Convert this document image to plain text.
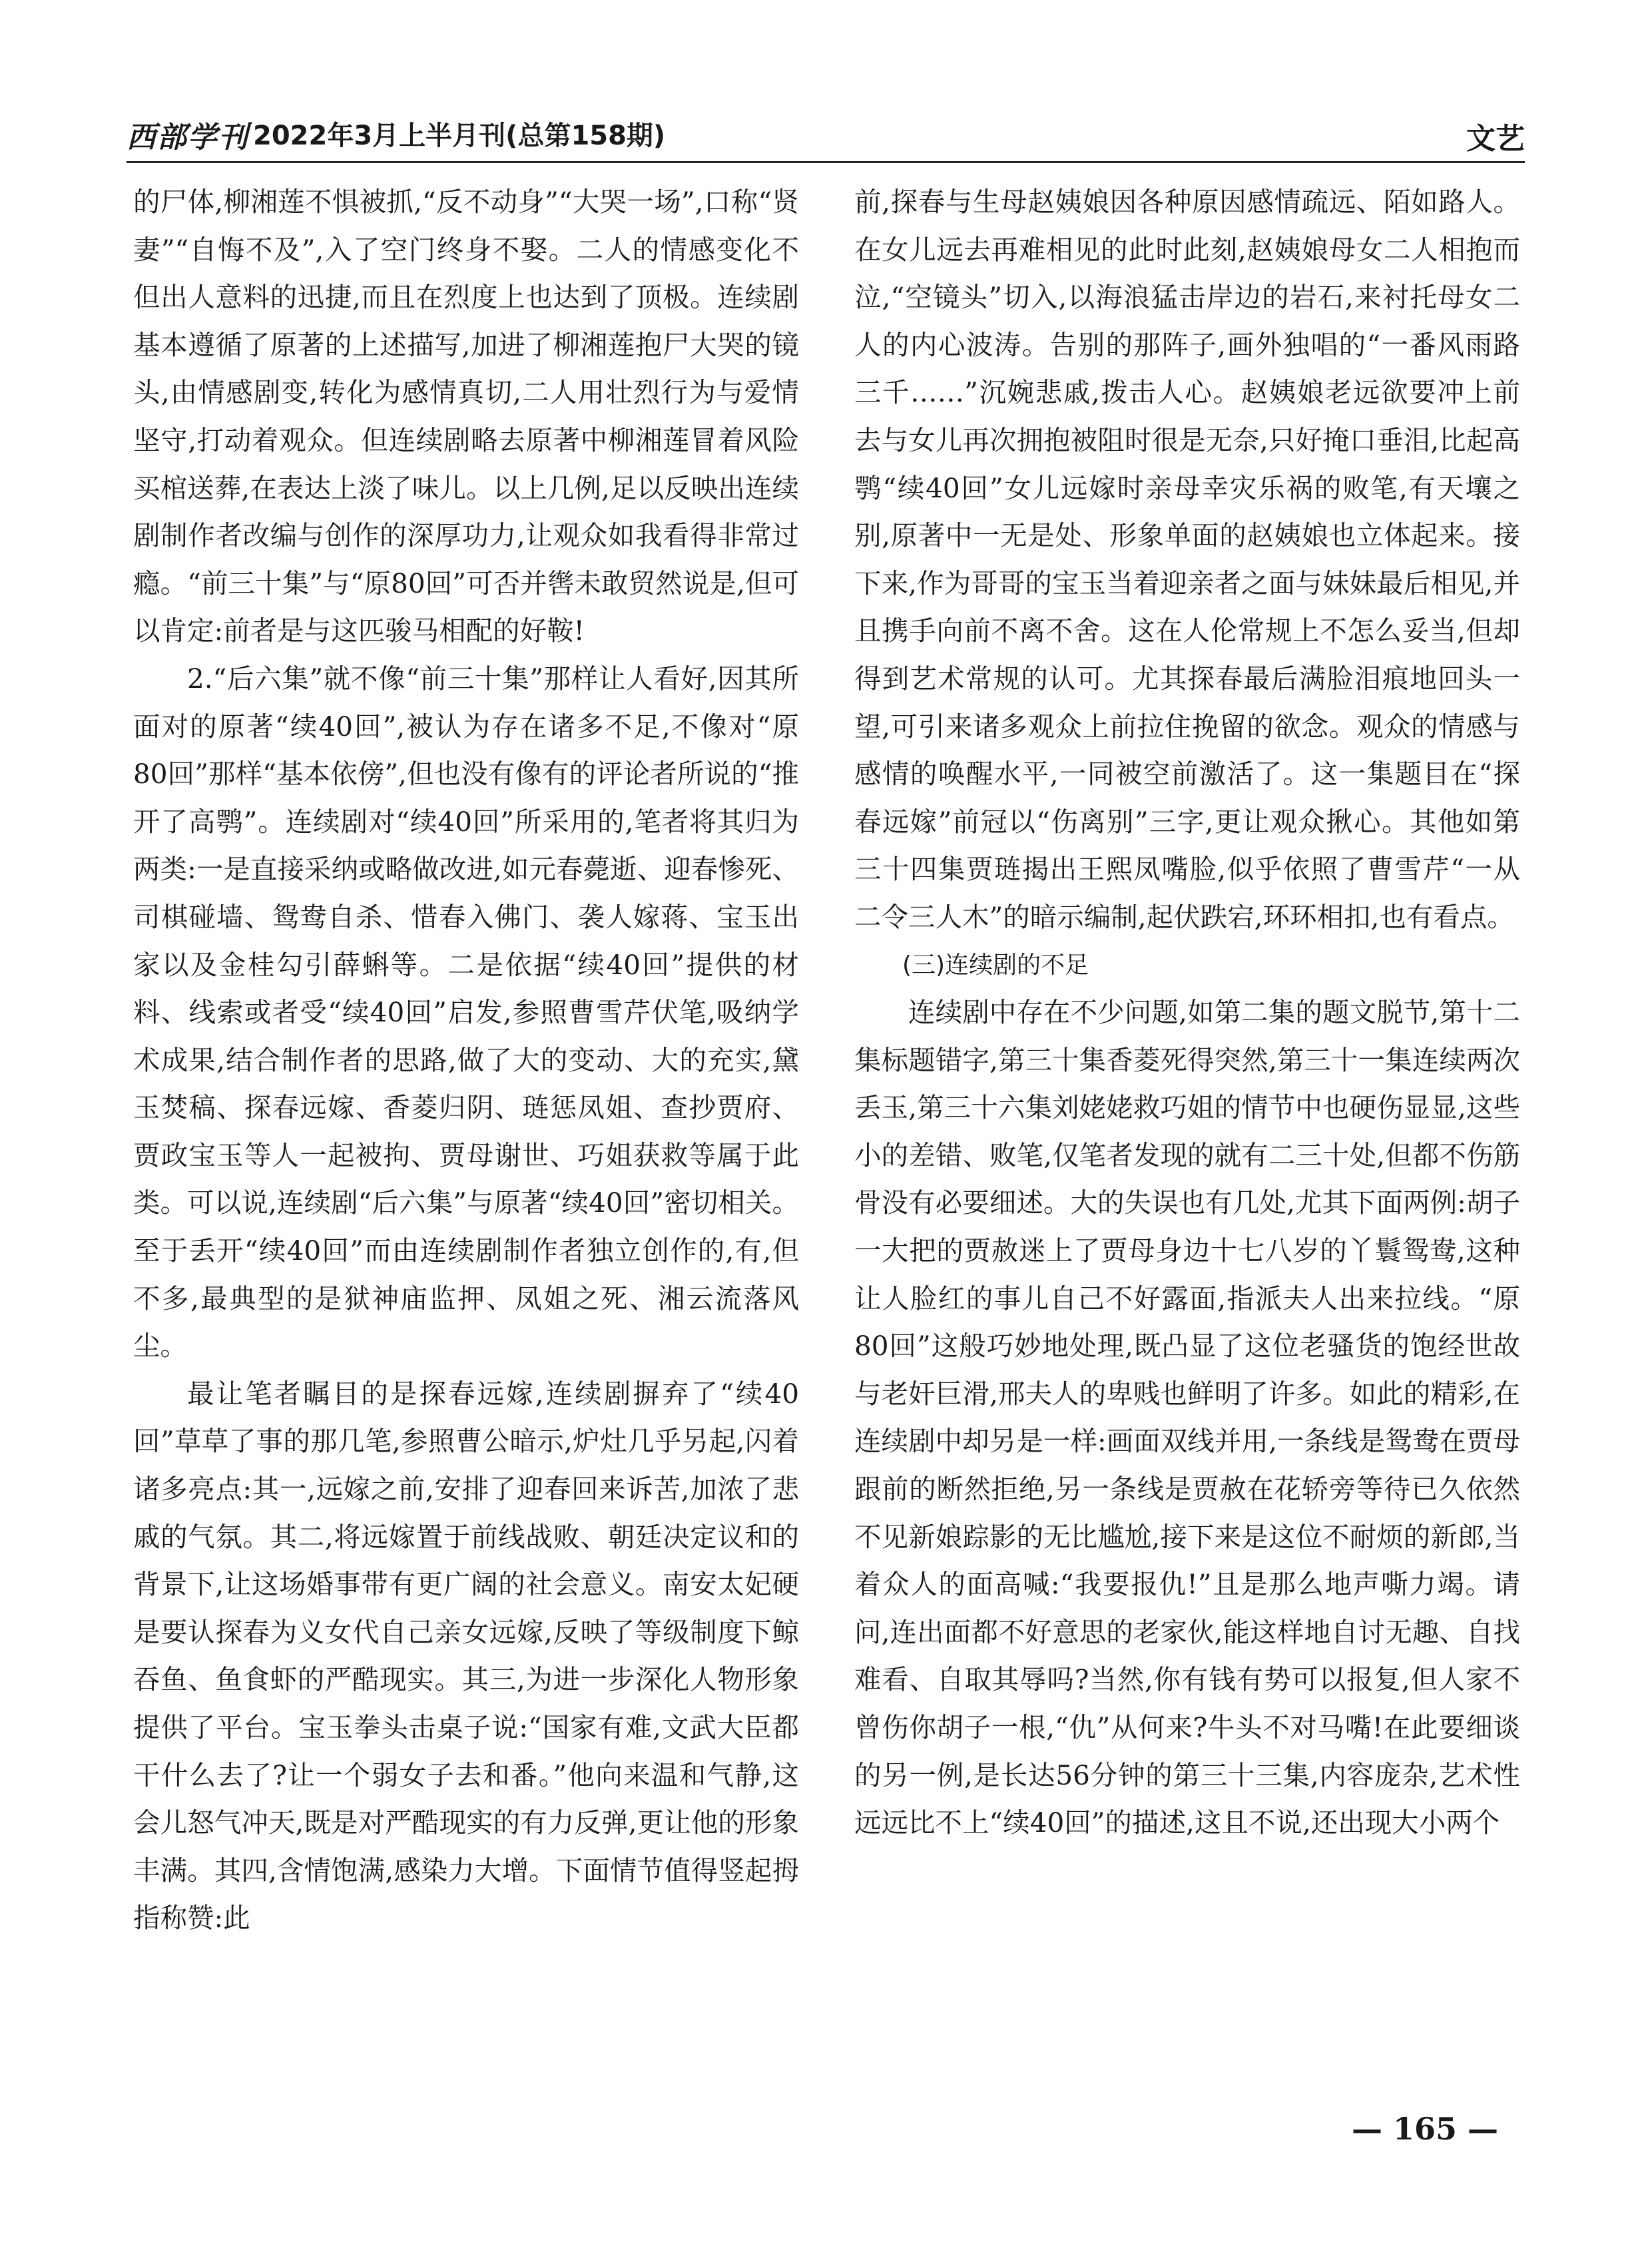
西部学刊 2022年3月上半月刊(总第158期)	文艺

的尸体,柳湘莲不惧被抓,“反不动身”“大哭一场”,口称“贤妻”“自悔不及”,入了空门终身不娶。二人的情感变化不但出人意料的迅捷,而且在烈度上也达到了顶极。连续剧基本遵循了原著的上述描写,加进了柳湘莲抱尸大哭的镜头,由情感剧变,转化为感情真切,二人用壮烈行为与爱情坚守,打动着观众。但连续剧略去原著中柳湘莲冒着风险买棺送葬,在表达上淡了味儿。以上几例,足以反映出连续剧制作者改编与创作的深厚功力,让观众如我看得非常过瘾。“前三十集”与“原80回”可否并辔未敢贸然说是,但可以肯定:前者是与这匹骏马相配的好鞍!

2.“后六集”就不像“前三十集”那样让人看好,因其所面对的原著“续40回”,被认为存在诸多不足,不像对“原80回”那样“基本依傍”,但也没有像有的评论者所说的“推开了高鹗”。连续剧对“续40回”所采用的,笔者将其归为两类:一是直接采纳或略做改进,如元春薨逝、迎春惨死、司棋碰墙、鸳鸯自杀、惜春入佛门、袭人嫁蒋、宝玉出家以及金桂勾引薛蝌等。二是依据“续40回”提供的材料、线索或者受“续40回”启发,参照曹雪芹伏笔,吸纳学术成果,结合制作者的思路,做了大的变动、大的充实,黛玉焚稿、探春远嫁、香菱归阴、琏惩凤姐、查抄贾府、贾政宝玉等人一起被拘、贾母谢世、巧姐获救等属于此类。可以说,连续剧“后六集”与原著“续40回”密切相关。至于丢开“续40回”而由连续剧制作者独立创作的,有,但不多,最典型的是狱神庙监押、凤姐之死、湘云流落风尘。

最让笔者瞩目的是探春远嫁,连续剧摒弃了“续40回”草草了事的那几笔,参照曹公暗示,炉灶几乎另起,闪着诸多亮点:其一,远嫁之前,安排了迎春回来诉苦,加浓了悲戚的气氛。其二,将远嫁置于前线战败、朝廷决定议和的背景下,让这场婚事带有更广阔的社会意义。南安太妃硬是要认探春为义女代自己亲女远嫁,反映了等级制度下鲸吞鱼、鱼食虾的严酷现实。其三,为进一步深化人物形象提供了平台。宝玉拳头击桌子说:“国家有难,文武大臣都干什么去了?让一个弱女子去和番。”他向来温和气静,这会儿怒气冲天,既是对严酷现实的有力反弹,更让他的形象丰满。其四,含情饱满,感染力大增。下面情节值得竖起拇指称赞:此

前,探春与生母赵姨娘因各种原因感情疏远、陌如路人。在女儿远去再难相见的此时此刻,赵姨娘母女二人相抱而泣,“空镜头”切入,以海浪猛击岸边的岩石,来衬托母女二人的内心波涛。告别的那阵子,画外独唱的“一番风雨路三千……”沉婉悲戚,拨击人心。赵姨娘老远欲要冲上前去与女儿再次拥抱被阻时很是无奈,只好掩口垂泪,比起高鹗“续40回”女儿远嫁时亲母幸灾乐祸的败笔,有天壤之别,原著中一无是处、形象单面的赵姨娘也立体起来。接下来,作为哥哥的宝玉当着迎亲者之面与妹妹最后相见,并且携手向前不离不舍。这在人伦常规上不怎么妥当,但却得到艺术常规的认可。尤其探春最后满脸泪痕地回头一望,可引来诸多观众上前拉住挽留的欲念。观众的情感与感情的唤醒水平,一同被空前激活了。这一集题目在“探春远嫁”前冠以“伤离别”三字,更让观众揪心。其他如第三十四集贾琏揭出王熙凤嘴脸,似乎依照了曹雪芹“一从二令三人木”的暗示编制,起伏跌宕,环环相扣,也有看点。

(三)连续剧的不足

连续剧中存在不少问题,如第二集的题文脱节,第十二集标题错字,第三十集香菱死得突然,第三十一集连续两次丢玉,第三十六集刘姥姥救巧姐的情节中也硬伤显显,这些小的差错、败笔,仅笔者发现的就有二三十处,但都不伤筋骨没有必要细述。大的失误也有几处,尤其下面两例:胡子一大把的贾赦迷上了贾母身边十七八岁的丫鬟鸳鸯,这种让人脸红的事儿自己不好露面,指派夫人出来拉线。“原80回”这般巧妙地处理,既凸显了这位老骚货的饱经世故与老奸巨滑,邢夫人的卑贱也鲜明了许多。如此的精彩,在连续剧中却另是一样:画面双线并用,一条线是鸳鸯在贾母跟前的断然拒绝,另一条线是贾赦在花轿旁等待已久依然不见新娘踪影的无比尴尬,接下来是这位不耐烦的新郎,当着众人的面高喊:“我要报仇!”且是那么地声嘶力竭。请问,连出面都不好意思的老家伙,能这样地自讨无趣、自找难看、自取其辱吗?当然,你有钱有势可以报复,但人家不曾伤你胡子一根,“仇”从何来?牛头不对马嘴!在此要细谈的另一例,是长达56分钟的第三十三集,内容庞杂,艺术性远远比不上“续40回”的描述,这且不说,还出现大小两个

— 165 —
